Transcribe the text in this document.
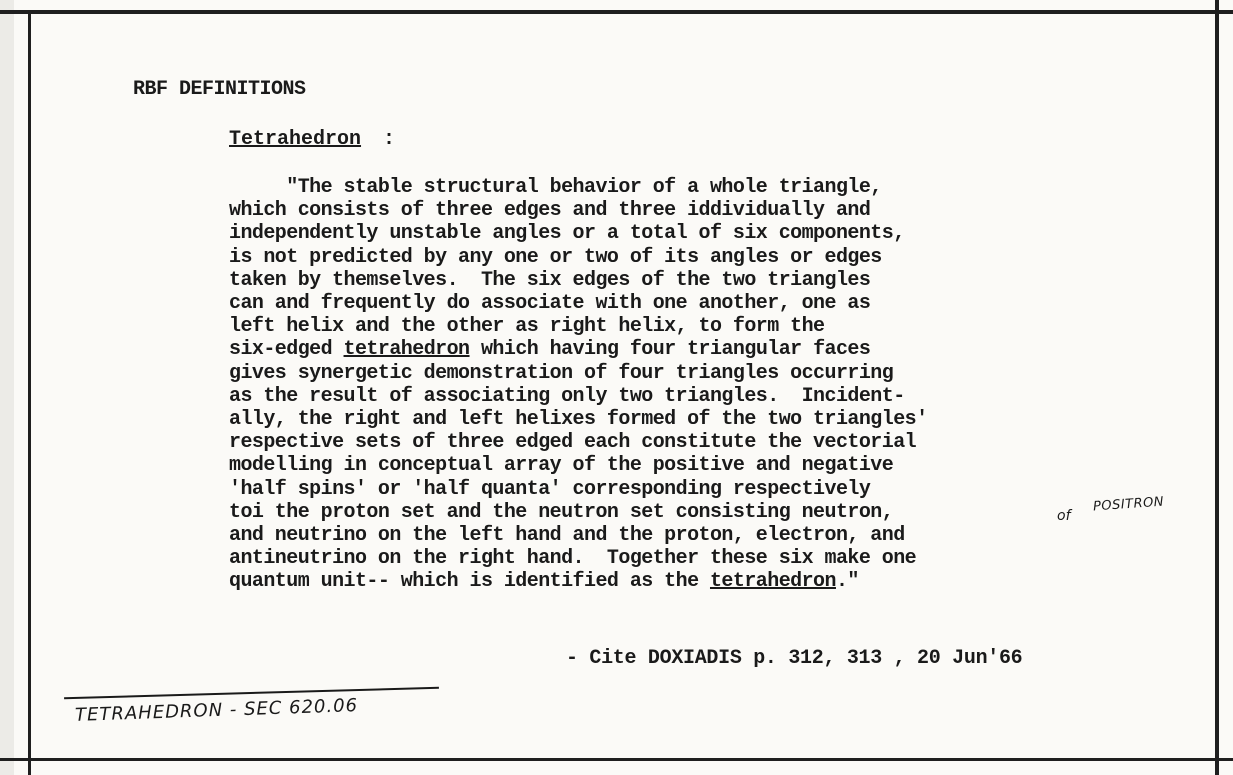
RBF DEFINITIONS
Tetrahedron :
"The stable structural behavior of a whole triangle,
which consists of three edges and three iddividually and
independently unstable angles or a total of six components,
is not predicted by any one or two of its angles or edges
taken by themselves.  The six edges of the two triangles
can and frequently do associate with one another, one as
left helix and the other as right helix, to form the
six-edged tetrahedron which having four triangular faces
gives synergetic demonstration of four triangles occurring
as the result of associating only two triangles.  Incident-
ally, the right and left helixes formed of the two triangles'
respective sets of three edged each constitute the vectorial
modelling in conceptual array of the positive and negative
'half spins' or 'half quanta' corresponding respectively
toi the proton set and the neutron set consisting neutron,
and neutrino on the left hand and the proton, electron, and
antineutrino on the right hand.  Together these six make one
quantum unit-- which is identified as the tetrahedron."
of
POSITRON
- Cite DOXIADIS p. 312, 313 , 20 Jun'66
TETRAHEDRON - SEC 620.06
